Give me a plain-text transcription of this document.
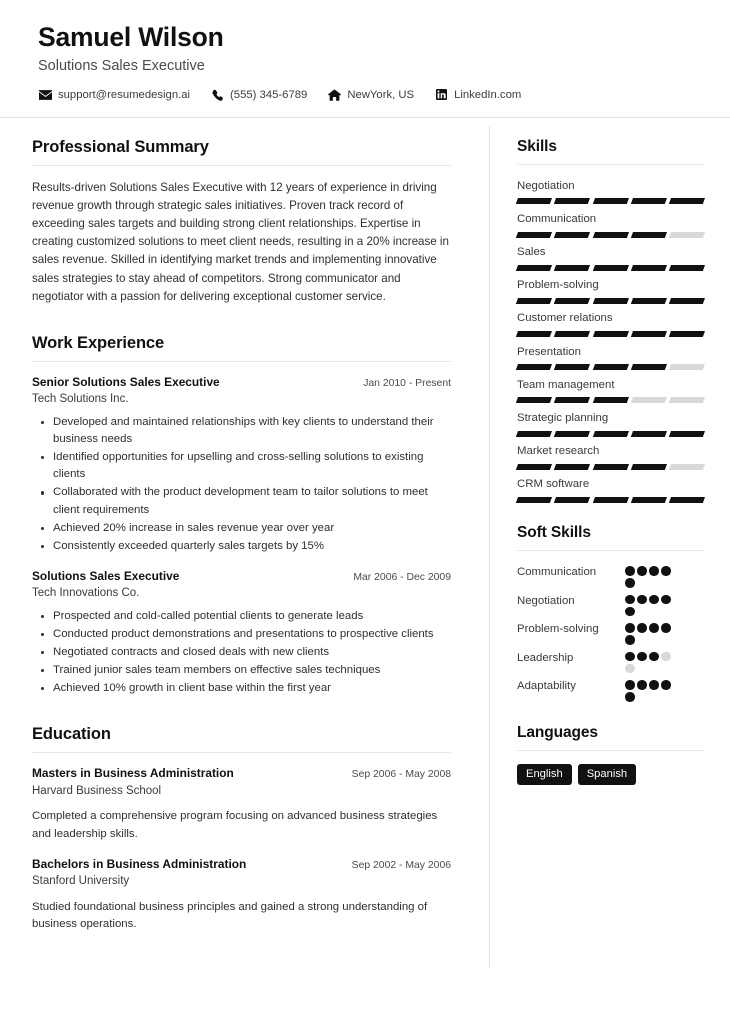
Samuel Wilson
Solutions Sales Executive
support@resumedesign.ai	(555) 345-6789	NewYork, US	LinkedIn.com
Professional Summary
Results-driven Solutions Sales Executive with 12 years of experience in driving revenue growth through strategic sales initiatives. Proven track record of exceeding sales targets and building strong client relationships. Expertise in creating customized solutions to meet client needs, resulting in a 20% increase in sales revenue. Skilled in identifying market trends and implementing innovative sales strategies to stay ahead of competitors. Strong communicator and negotiator with a passion for delivering exceptional customer service.
Work Experience
Senior Solutions Sales Executive	Jan 2010 - Present
Tech Solutions Inc.
Developed and maintained relationships with key clients to understand their business needs
Identified opportunities for upselling and cross-selling solutions to existing clients
Collaborated with the product development team to tailor solutions to meet client requirements
Achieved 20% increase in sales revenue year over year
Consistently exceeded quarterly sales targets by 15%
Solutions Sales Executive	Mar 2006 - Dec 2009
Tech Innovations Co.
Prospected and cold-called potential clients to generate leads
Conducted product demonstrations and presentations to prospective clients
Negotiated contracts and closed deals with new clients
Trained junior sales team members on effective sales techniques
Achieved 10% growth in client base within the first year
Education
Masters in Business Administration	Sep 2006 - May 2008
Harvard Business School
Completed a comprehensive program focusing on advanced business strategies and leadership skills.
Bachelors in Business Administration	Sep 2002 - May 2006
Stanford University
Studied foundational business principles and gained a strong understanding of business operations.
Skills
Negotiation
Communication
Sales
Problem-solving
Customer relations
Presentation
Team management
Strategic planning
Market research
CRM software
Soft Skills
Communication
Negotiation
Problem-solving
Leadership
Adaptability
Languages
English	Spanish
